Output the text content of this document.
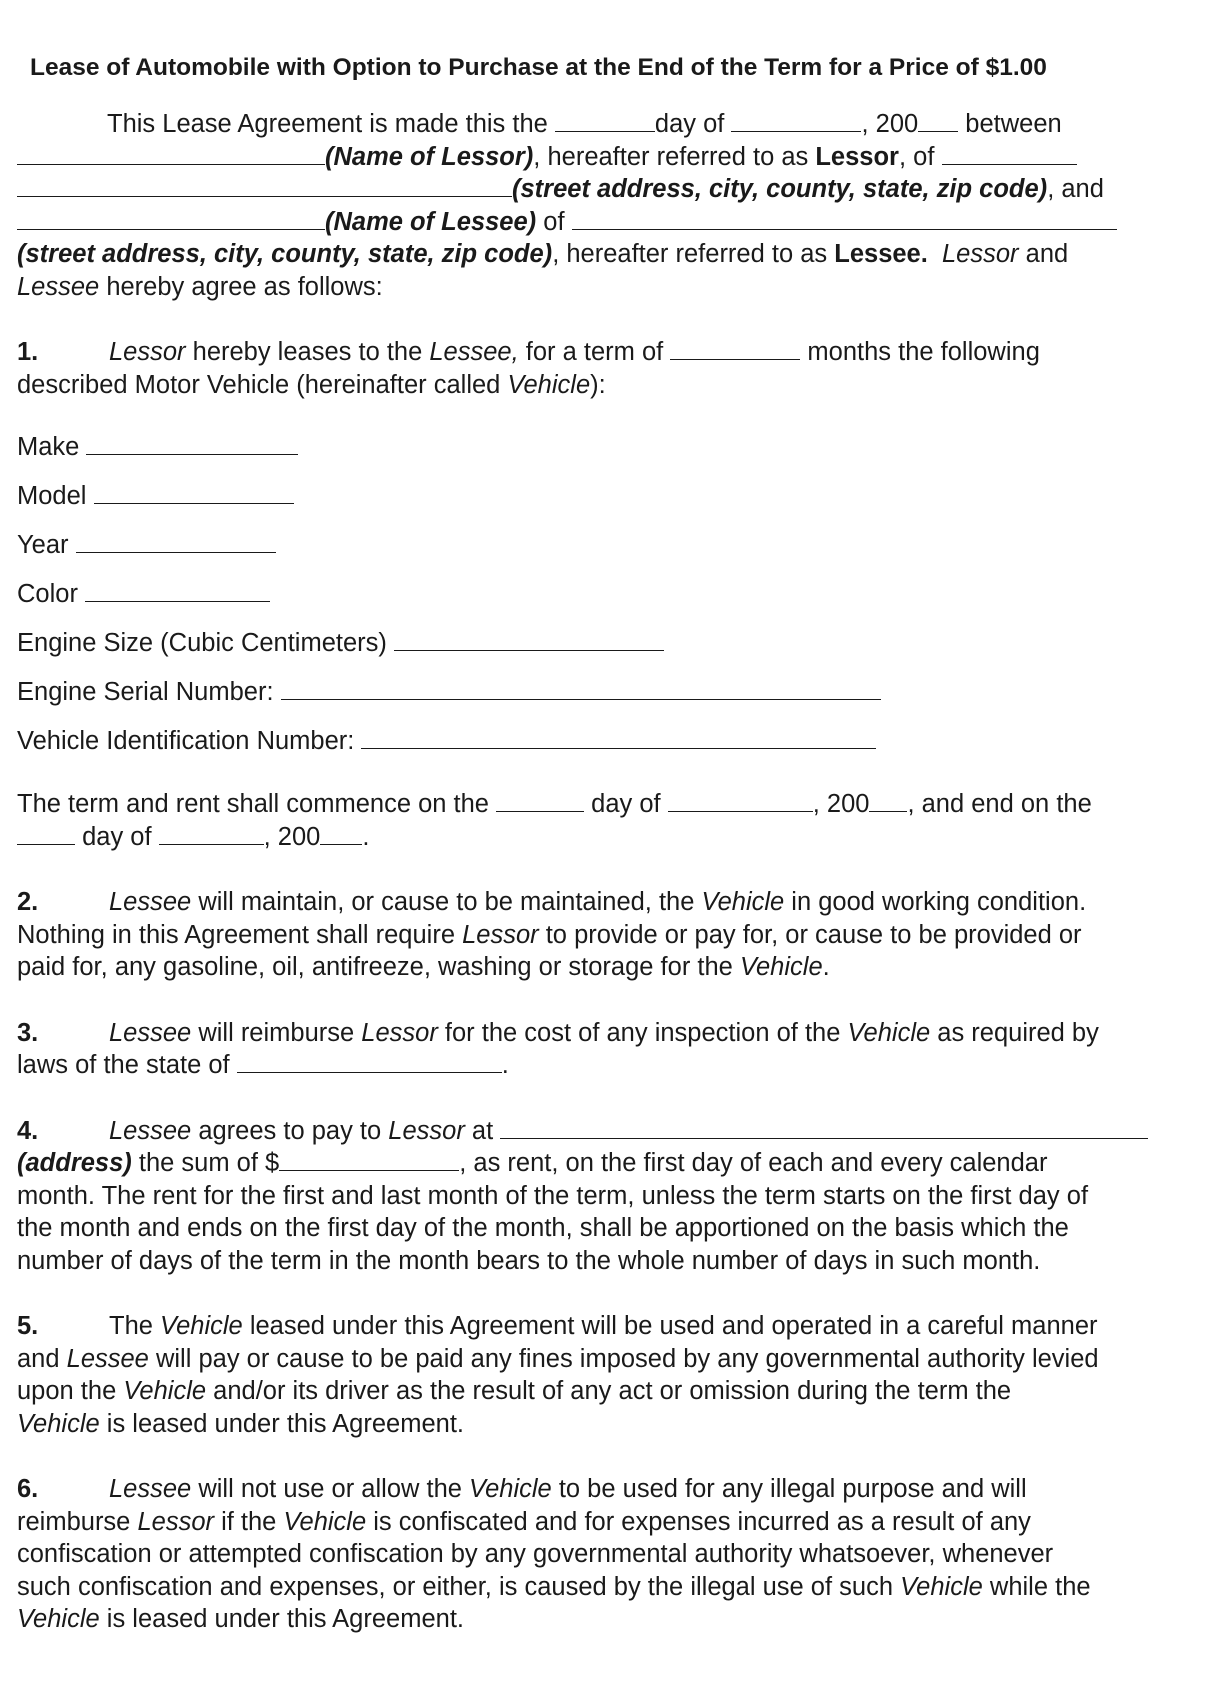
Lease of Automobile with Option to Purchase at the End of the Term for a Price of $1.00
This Lease Agreement is made this the	day of	, 200 between
(Name of Lessor), hereafter referred to as Lessor, of
(street address, city, county, state, zip code), and
(Name of Lessee) of
(street address, city, county, state, zip code), hereafter referred to as Lessee. Lessor and
Lessee hereby agree as follows:
1.	Lessor hereby leases to the Lessee, for a term of	months the following
described Motor Vehicle (hereinafter called Vehicle):
Make
Model
Year
Color
Engine Size (Cubic Centimeters)
Engine Serial Number:
Vehicle Identification Number:
The term and rent shall commence on the	day of	, 200 , and end on the
day of	, 200 .
2.	Lessee will maintain, or cause to be maintained, the Vehicle in good working condition.
Nothing in this Agreement shall require Lessor to provide or pay for, or cause to be provided or
paid for, any gasoline, oil, antifreeze, washing or storage for the Vehicle.
3.	Lessee will reimburse Lessor for the cost of any inspection of the Vehicle as required by
laws of the state of	.
4.	Lessee agrees to pay to Lessor at
(address) the sum of $	, as rent, on the first day of each and every calendar
month. The rent for the first and last month of the term, unless the term starts on the first day of
the month and ends on the first day of the month, shall be apportioned on the basis which the
number of days of the term in the month bears to the whole number of days in such month.
5.	The Vehicle leased under this Agreement will be used and operated in a careful manner
and Lessee will pay or cause to be paid any fines imposed by any governmental authority levied
upon the Vehicle and/or its driver as the result of any act or omission during the term the
Vehicle is leased under this Agreement.
6.	Lessee will not use or allow the Vehicle to be used for any illegal purpose and will
reimburse Lessor if the Vehicle is confiscated and for expenses incurred as a result of any
confiscation or attempted confiscation by any governmental authority whatsoever, whenever
such confiscation and expenses, or either, is caused by the illegal use of such Vehicle while the
Vehicle is leased under this Agreement.
